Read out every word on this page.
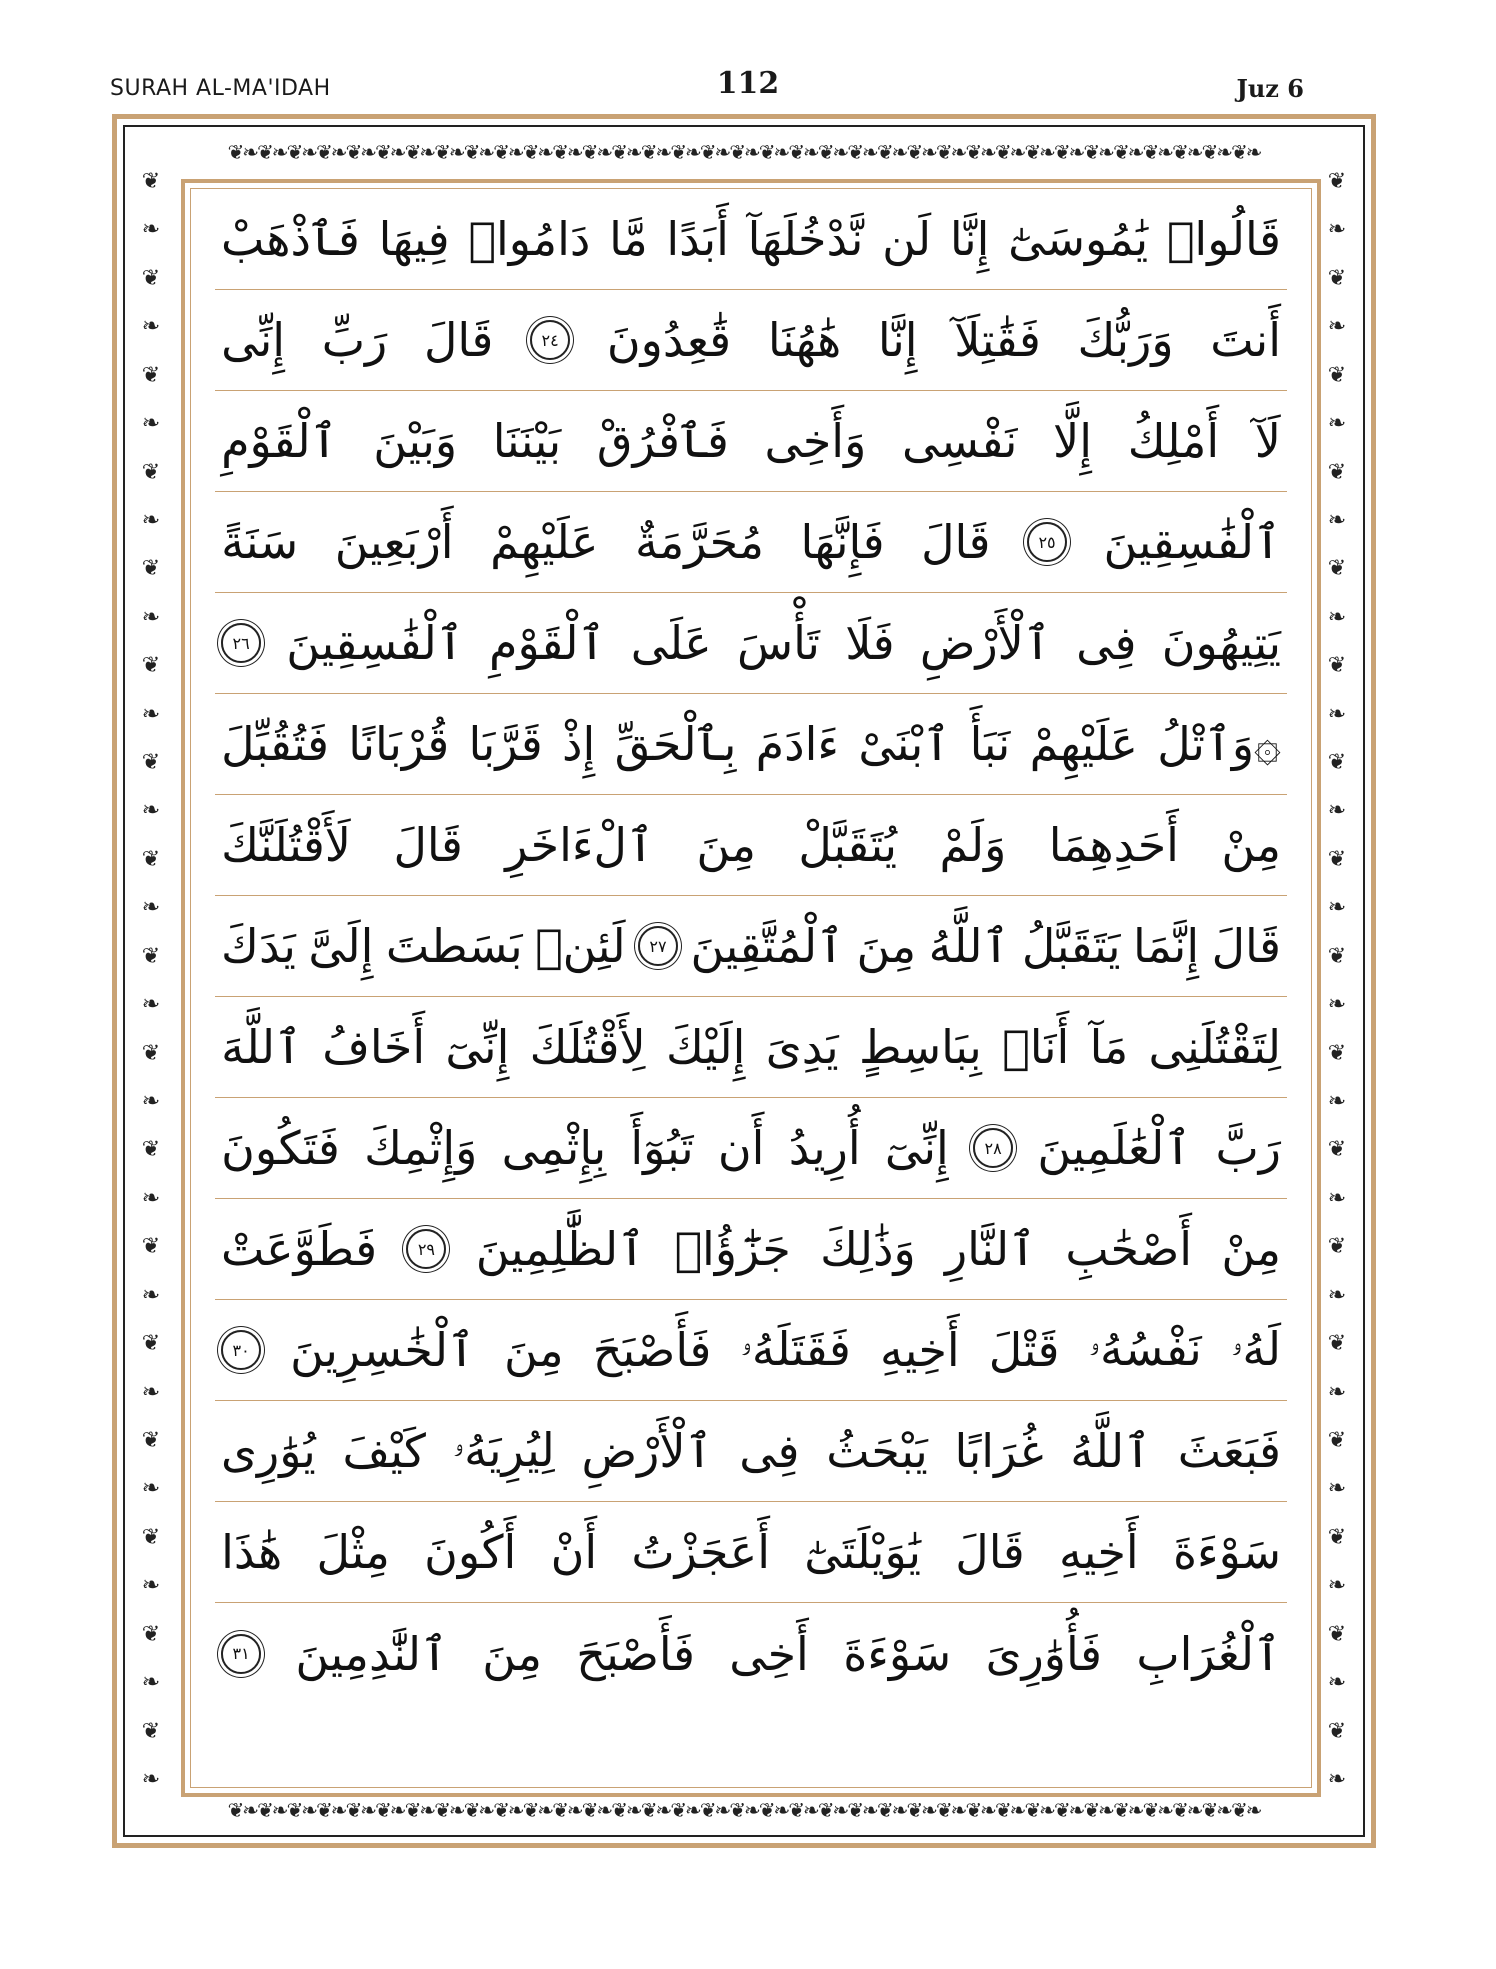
SURAH AL-MA'IDAH	112	Juz 6
❦❧❦❧❦❧❦❧❦❧❦❧❦❧❦❧❦❧❦❧❦❧❦❧❦❧❦❧❦❧❦❧❦❧❦❧❦❧❦❧❦❧❦❧❦❧❦❧❦❧❦❧❦❧❦❧❦❧❦❧❦❧❦❧❦❧❦❧❦❧
❦❧❦❧❦❧❦❧❦❧❦❧❦❧❦❧❦❧❦❧❦❧❦❧❦❧❦❧❦❧❦❧❦❧❦❧❦❧❦❧❦❧❦❧❦❧❦❧❦❧❦❧❦❧❦❧❦❧❦❧❦❧❦❧❦❧❦❧❦❧
❦
❧
❦
❧
❦
❧
❦
❧
❦
❧
❦
❧
❦
❧
❦
❧
❦
❧
❦
❧
❦
❧
❦
❧
❦
❧
❦
❧
❦
❧
❦
❧
❦
❧
❦
❧
❦
❧
❦
❧
❦
❧
❦
❧
❦
❧
❦
❧
❦
❧
❦
❧
❦
❧
❦
❧
❦
❧
❦
❧
❦
❧
❦
❧
❦
❧
❦
❧
قَالُوا۟
يَٰمُوسَىٰٓ
إِنَّا
لَن
نَّدْخُلَهَآ
أَبَدًا
مَّا
دَامُوا۟
فِيهَا
فَٱذْهَبْ
أَنتَ
وَرَبُّكَ
فَقَٰتِلَآ
إِنَّا
هَٰهُنَا
قَٰعِدُونَ
٢٤
قَالَ
رَبِّ
إِنِّى
لَآ
أَمْلِكُ
إِلَّا
نَفْسِى
وَأَخِى
فَٱفْرُقْ
بَيْنَنَا
وَبَيْنَ
ٱلْقَوْمِ
ٱلْفَٰسِقِينَ
٢٥
قَالَ
فَإِنَّهَا
مُحَرَّمَةٌ
عَلَيْهِمْ
أَرْبَعِينَ
سَنَةً
يَتِيهُونَ
فِى
ٱلْأَرْضِ
فَلَا
تَأْسَ
عَلَى
ٱلْقَوْمِ
ٱلْفَٰسِقِينَ
٢٦
۞وَٱتْلُ
عَلَيْهِمْ
نَبَأَ
ٱبْنَىْ
ءَادَمَ
بِٱلْحَقِّ
إِذْ
قَرَّبَا
قُرْبَانًا
فَتُقُبِّلَ
مِنْ
أَحَدِهِمَا
وَلَمْ
يُتَقَبَّلْ
مِنَ
ٱلْءَاخَرِ
قَالَ
لَأَقْتُلَنَّكَ
قَالَ
إِنَّمَا
يَتَقَبَّلُ
ٱللَّهُ
مِنَ
ٱلْمُتَّقِينَ
٢٧
لَئِنۢ
بَسَطتَ
إِلَىَّ
يَدَكَ
لِتَقْتُلَنِى
مَآ
أَنَا۠
بِبَاسِطٍ
يَدِىَ
إِلَيْكَ
لِأَقْتُلَكَ
إِنِّىٓ
أَخَافُ
ٱللَّهَ
رَبَّ
ٱلْعَٰلَمِينَ
٢٨
إِنِّىٓ
أُرِيدُ
أَن
تَبُوٓأَ
بِإِثْمِى
وَإِثْمِكَ
فَتَكُونَ
مِنْ
أَصْحَٰبِ
ٱلنَّارِ
وَذَٰلِكَ
جَزَٰٓؤُا۟
ٱلظَّٰلِمِينَ
٢٩
فَطَوَّعَتْ
لَهُۥ
نَفْسُهُۥ
قَتْلَ
أَخِيهِ
فَقَتَلَهُۥ
فَأَصْبَحَ
مِنَ
ٱلْخَٰسِرِينَ
٣٠
فَبَعَثَ
ٱللَّهُ
غُرَابًا
يَبْحَثُ
فِى
ٱلْأَرْضِ
لِيُرِيَهُۥ
كَيْفَ
يُوَٰرِى
سَوْءَةَ
أَخِيهِ
قَالَ
يَٰوَيْلَتَىٰٓ
أَعَجَزْتُ
أَنْ
أَكُونَ
مِثْلَ
هَٰذَا
ٱلْغُرَابِ
فَأُوَٰرِىَ
سَوْءَةَ
أَخِى
فَأَصْبَحَ
مِنَ
ٱلنَّٰدِمِينَ
٣١
